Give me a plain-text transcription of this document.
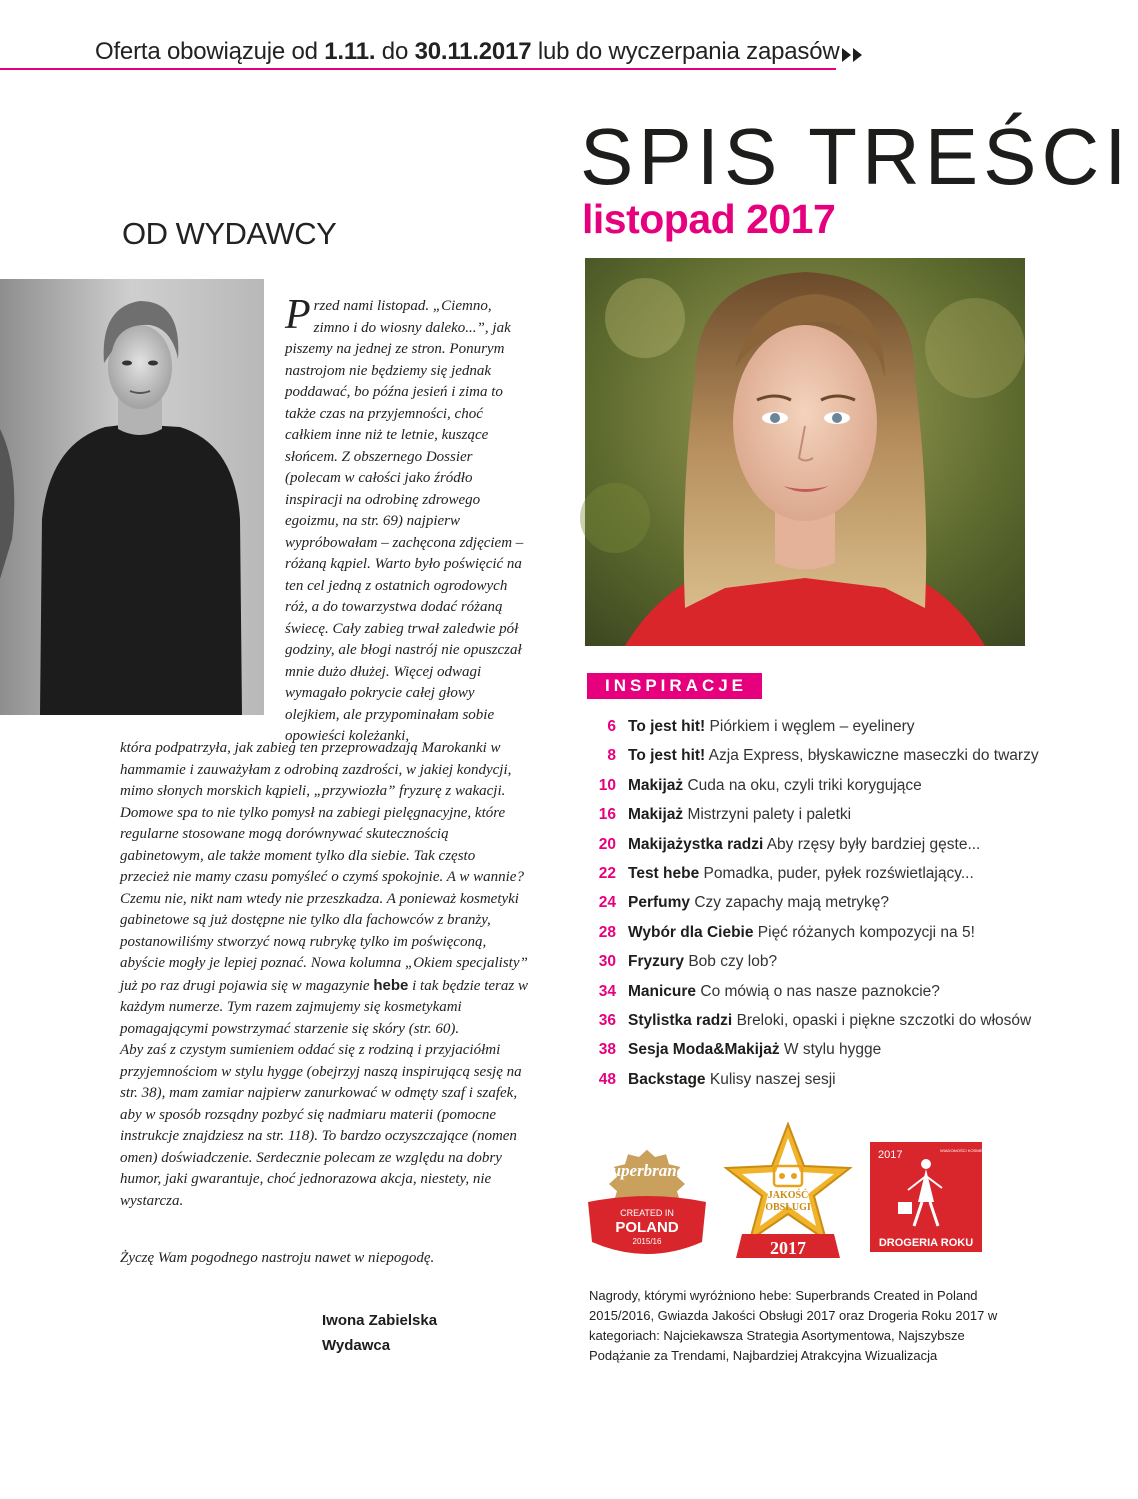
Oferta obowiązuje od 1.11. do 30.11.2017 lub do wyczerpania zapasów
OD WYDAWCY
Przed nami listopad. „Ciemno, zimno i do wiosny daleko...”, jak piszemy na jednej ze stron. Ponurym nastrojom nie będziemy się jednak poddawać, bo późna jesień i zima to także czas na przyjemności, choć całkiem inne niż te letnie, kuszące słońcem. Z obszernego Dossier (polecam w całości jako źródło inspiracji na odrobinę zdrowego egoizmu, na str. 69) najpierw wypróbowałam – zachęcona zdjęciem – różaną kąpiel. Warto było poświęcić na ten cel jedną z ostatnich ogrodowych róż, a do towarzystwa dodać różaną świecę. Cały zabieg trwał zaledwie pół godziny, ale błogi nastrój nie opuszczał mnie dużo dłużej. Więcej odwagi wymagało pokrycie całej głowy olejkiem, ale przypominałam sobie opowieści koleżanki,

która podpatrzyła, jak zabieg ten przeprowadzają Marokanki w hammamie i zauważyłam z odrobiną zazdrości, w jakiej kondycji, mimo słonych morskich kąpieli, „przywiozła” fryzurę z wakacji. Domowe spa to nie tylko pomysł na zabiegi pielęgnacyjne, które regularne stosowane mogą dorównywać skutecznością gabinetowym, ale także moment tylko dla siebie. Tak często przecież nie mamy czasu pomyśleć o czymś spokojnie. A w wannie? Czemu nie, nikt nam wtedy nie przeszkadza. A ponieważ kosmetyki gabinetowe są już dostępne nie tylko dla fachowców z branży, postanowiliśmy stworzyć nową rubrykę tylko im poświęconą, abyście mogły je lepiej poznać. Nowa kolumna „Okiem specjalisty” już po raz drugi pojawia się w magazynie hebe i tak będzie teraz w każdym numerze. Tym razem zajmujemy się kosmetykami pomagającymi powstrzymać starzenie się skóry (str. 60).

Aby zaś z czystym sumieniem oddać się z rodziną i przyjaciółmi przyjemnościom w stylu hygge (obejrzyj naszą inspirującą sesję na str. 38), mam zamiar najpierw zanurkować w odmęty szaf i szafek, aby w sposób rozsądny pozbyć się nadmiaru materii (pomocne instrukcje znajdziesz na str. 118). To bardzo oczyszczające (nomen omen) doświadczenie. Serdecznie polecam ze względu na dobry humor, jaki gwarantuje, choć jednorazowa akcja, niestety, nie wystarcza.

Życzę Wam pogodnego nastroju nawet w niepogodę.
Iwona Zabielska
Wydawca
SPIS TREŚCI
listopad 2017
INSPIRACJE
6 To jest hit! Piórkiem i węglem – eyelinery
8 To jest hit! Azja Express, błyskawiczne maseczki do twarzy
10 Makijaż Cuda na oku, czyli triki korygujące
16 Makijaż Mistrzyni palety i paletki
20 Makijażystka radzi Aby rzęsy były bardziej gęste...
22 Test hebe Pomadka, puder, pyłek rozświetlający...
24 Perfumy Czy zapachy mają metrykę?
28 Wybór dla Ciebie Pięć różanych kompozycji na 5!
30 Fryzury Bob czy lob?
34 Manicure Co mówią o nas nasze paznokcie?
36 Stylistka radzi Breloki, opaski i piękne szczotki do włosów
38 Sesja Moda&Makijaż W stylu hygge
48 Backstage Kulisy naszej sesji
Superbrands
CREATED IN
POLAND
2015/16
JAKOŚĆ
OBSŁUGI
2017
2017	WIADOMOŚCI KOSMETYCZNE
DROGERIA ROKU
Nagrody, którymi wyróżniono hebe: Superbrands Created in Poland 2015/2016, Gwiazda Jakości Obsługi 2017 oraz Drogeria Roku 2017 w kategoriach: Najciekawsza Strategia Asortymentowa, Najszybsze Podążanie za Trendami, Najbardziej Atrakcyjna Wizualizacja
